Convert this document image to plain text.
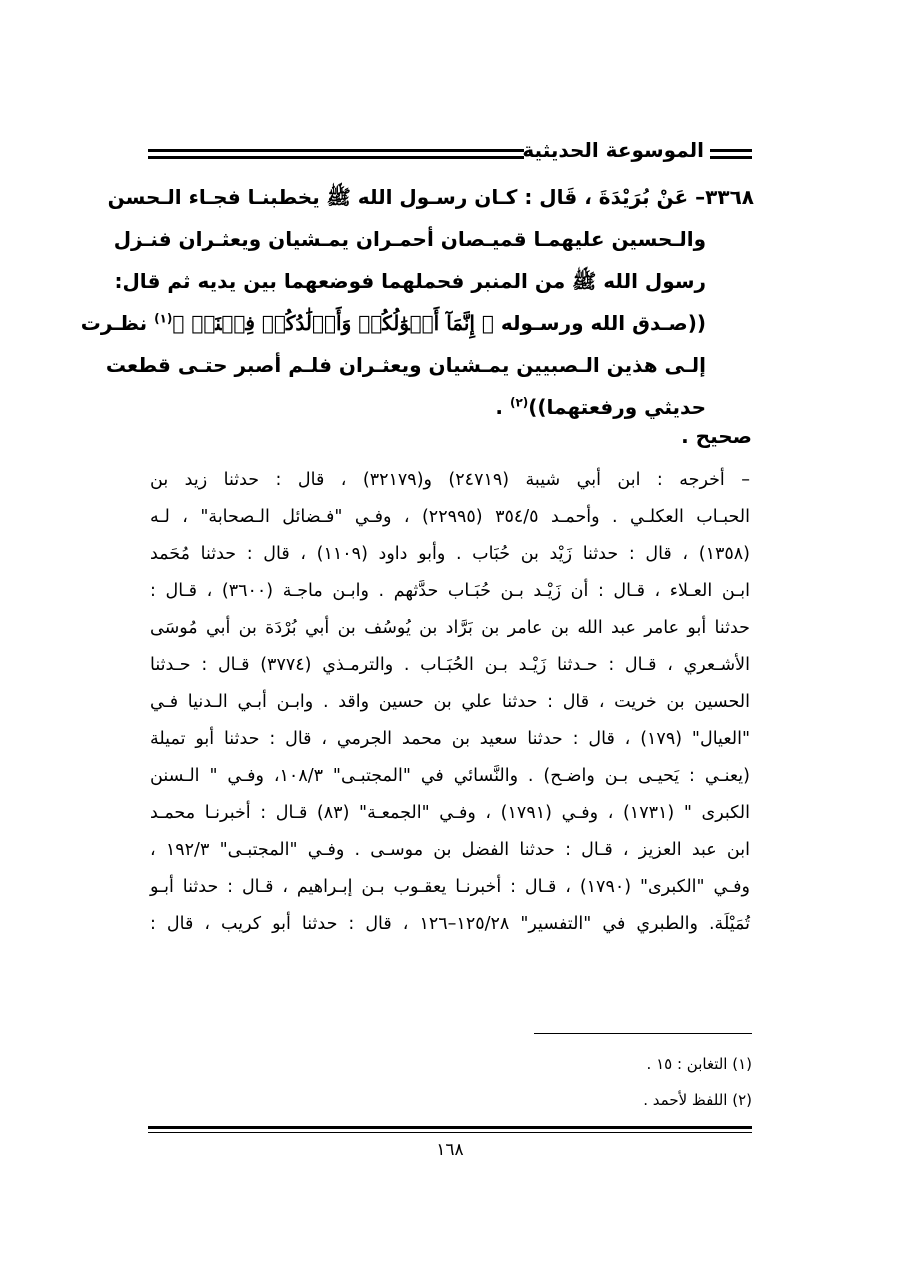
الموسوعة الحديثية
٣٣٦٨– عَنْ بُرَيْدَةَ ، قَال : كـان رسـول الله ﷺ يخطبنـا فجـاء الـحسن
والـحسين عليهمـا قميـصان أحمـران يمـشيان ويعثـران فنـزل
رسول الله ﷺ من المنبر فحملهما فوضعهما بين يديه ثم قال:
((صـدق الله ورسـوله ﴿ إِنَّمَآ أَمۡوَٰلُكُمۡ وَأَوۡلَٰدُكُمۡ فِتۡنَةٞ ﴾$^{(١)}$ نظـرت
إلـى هذين الـصبيين يمـشيان ويعثـران فلـم أصبر حتـى قطعت
حديثي ورفعتهما))$^{(٢)}$ .
صحيح .
– أخرجه : ابن أبي شيبة (٢٤٧١٩) و(٣٢١٧٩) ، قال : حدثنا زيد بن
الحبـاب العكلـي . وأحمـد ٣٥٤/٥ (٢٢٩٩٥) ، وفـي "فـضائل الـصحابة" ، لـه
(١٣٥٨) ، قال : حدثنا زَيْد بن حُبَاب . وأبو داود (١١٠٩) ، قال : حدثنا مُحَمد
ابـن العـلاء ، قـال : أن زَيْـد بـن حُبَـاب حدَّثهم . وابـن ماجـة (٣٦٠٠) ، قـال :
حدثنا أبو عامر عبد الله بن عامر بن بَرَّاد بن يُوسُف بن أبي بُرْدَة بن أبي مُوسَى
الأشـعري ، قـال : حـدثنا زَيْـد بـن الحُبَـاب . والترمـذي (٣٧٧٤) قـال : حـدثنا
الحسين بن خريت ، قال : حدثنا علي بن حسين واقد . وابـن أبـي الـدنيا فـي
"العيال" (١٧٩) ، قال : حدثنا سعيد بن محمد الجرمي ، قال : حدثنا أبو تميلة
(يعنـي : يَحيـى بـن واضـح) . والنَّسائي في "المجتبـى" ١٠٨/٣، وفـي " الـسنن
الكبرى " (١٧٣١) ، وفـي (١٧٩١) ، وفـي "الجمعـة" (٨٣) قـال : أخبرنـا محمـد
ابن عبد العزيز ، قـال : حدثنا الفضل بن موسـى . وفـي "المجتبـى" ١٩٢/٣ ،
وفـي "الكبرى" (١٧٩٠) ، قـال : أخبرنـا يعقـوب بـن إبـراهيم ، قـال : حدثنا أبـو
تُمَيْلَة. والطبري في "التفسير" ١٢٥/٢٨–١٢٦ ، قال : حدثنا أبو كريب ، قال :
(١) التغابن : ١٥ .
(٢) اللفظ لأحمد .
١٦٨
